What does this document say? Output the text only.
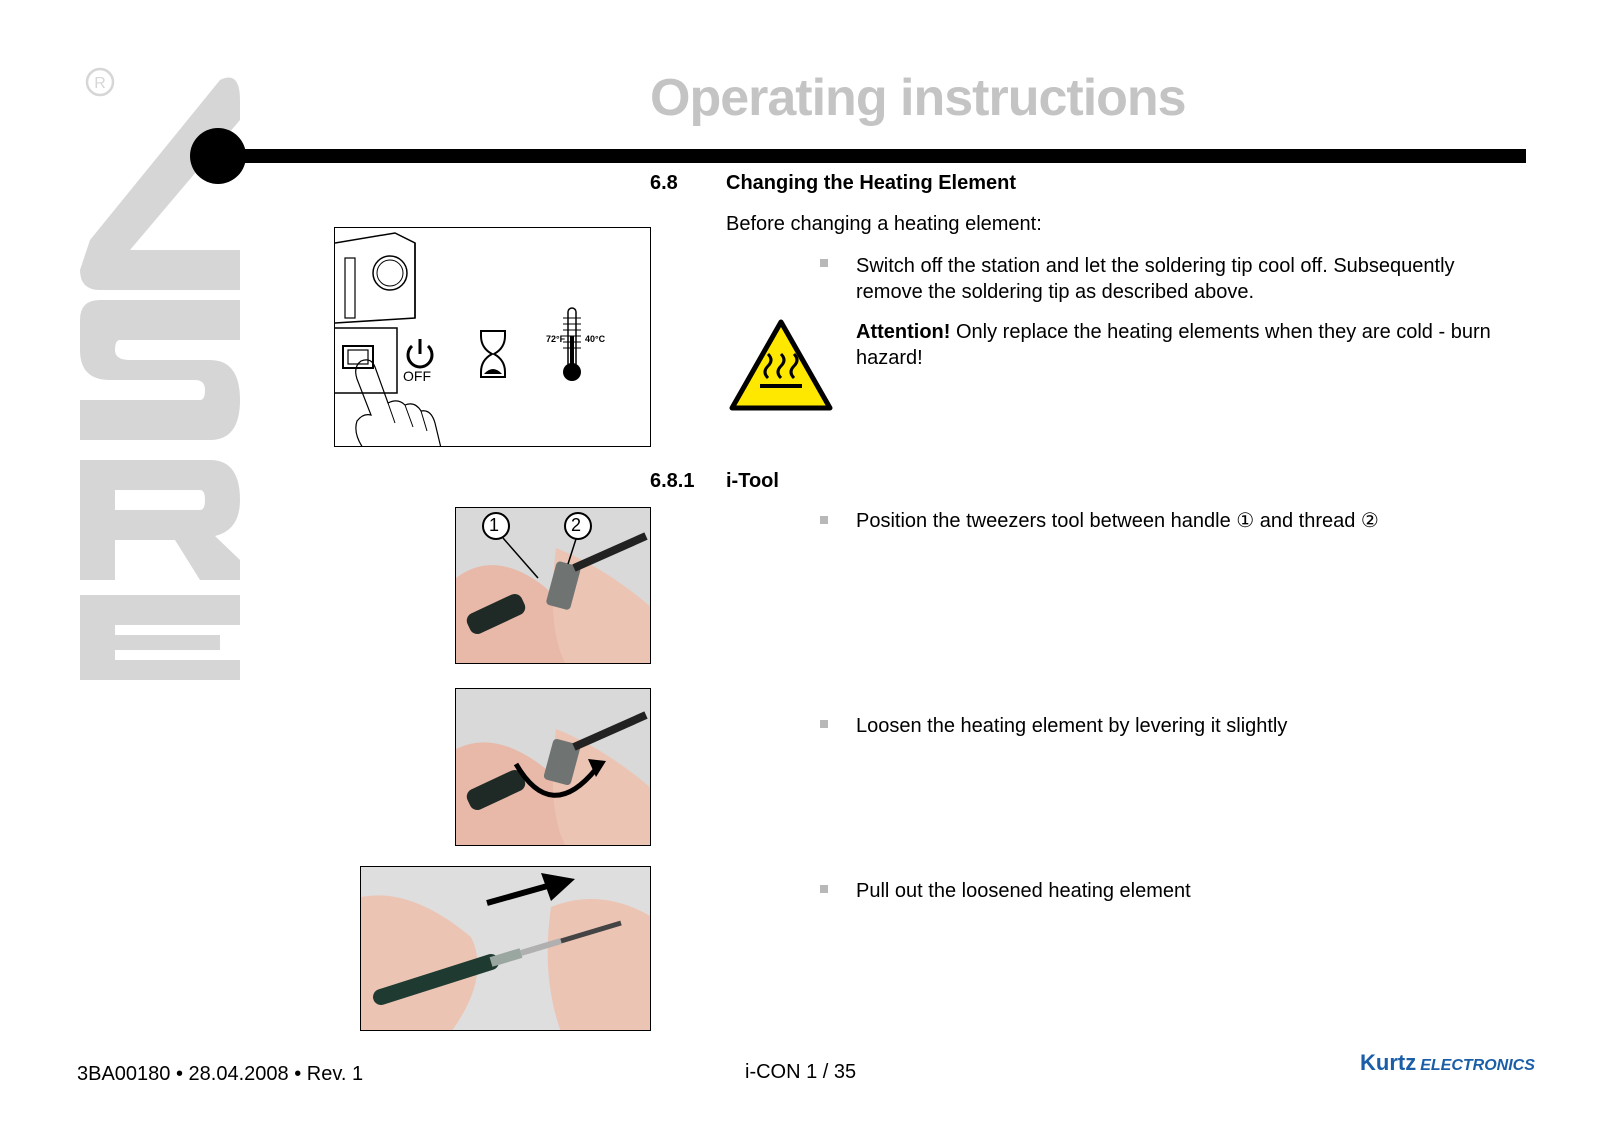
R	Operating instructions
6.8 Changing the Heating Element
Before changing a heating element:
Switch off the station and let the soldering tip cool off. Subsequently remove the soldering tip as described above.
Attention! Only replace the heating elements when they are cold - burn hazard!
OFF
72°F 40°C
6.8.1 i-Tool
1	2	Position the tweezers tool between handle ① and thread ②
Loosen the heating element by levering it slightly
Pull out the loosened heating element
3BA00180 • 28.04.2008 • Rev. 1	i-CON 1 / 35	Kurtz ELECTRONICS
